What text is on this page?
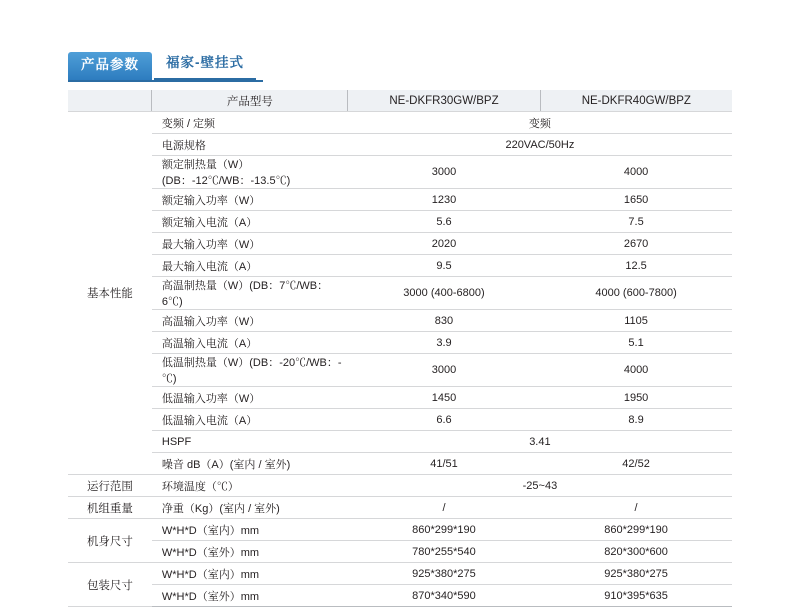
产品参数	福家-壁挂式
	产品型号	NE-DKFR30GW/BPZ	NE-DKFR40GW/BPZ
基本性能	变频 / 定频	变频	
	电源规格	220VAC/50Hz	
	额定制热量（W）(DB：-12℃/WB：-13.5℃)	3000	4000
	额定输入功率（W）	1230	1650
	额定输入电流（A）	5.6	7.5
	最大输入功率（W）	2020	2670
	最大输入电流（A）	9.5	12.5
	高温制热量（W）(DB：7℃/WB：6℃)	3000 (400-6800)	4000 (600-7800)
	高温输入功率（W）	830	1105
	高温输入电流（A）	3.9	5.1
	低温制热量（W）(DB：-20℃/WB：-℃)	3000	4000
	低温输入功率（W）	1450	1950
	低温输入电流（A）	6.6	8.9
	HSPF	3.41	
	噪音 dB（A）(室内 / 室外)	41/51	42/52
运行范围	环境温度（℃）	-25~43	
机组重量	净重（Kg）(室内 / 室外)	/	/
机身尺寸	W*H*D（室内）mm	860*299*190	860*299*190
	W*H*D（室外）mm	780*255*540	820*300*600
包装尺寸	W*H*D（室内）mm	925*380*275	925*380*275
	W*H*D（室外）mm	870*340*590	910*395*635
